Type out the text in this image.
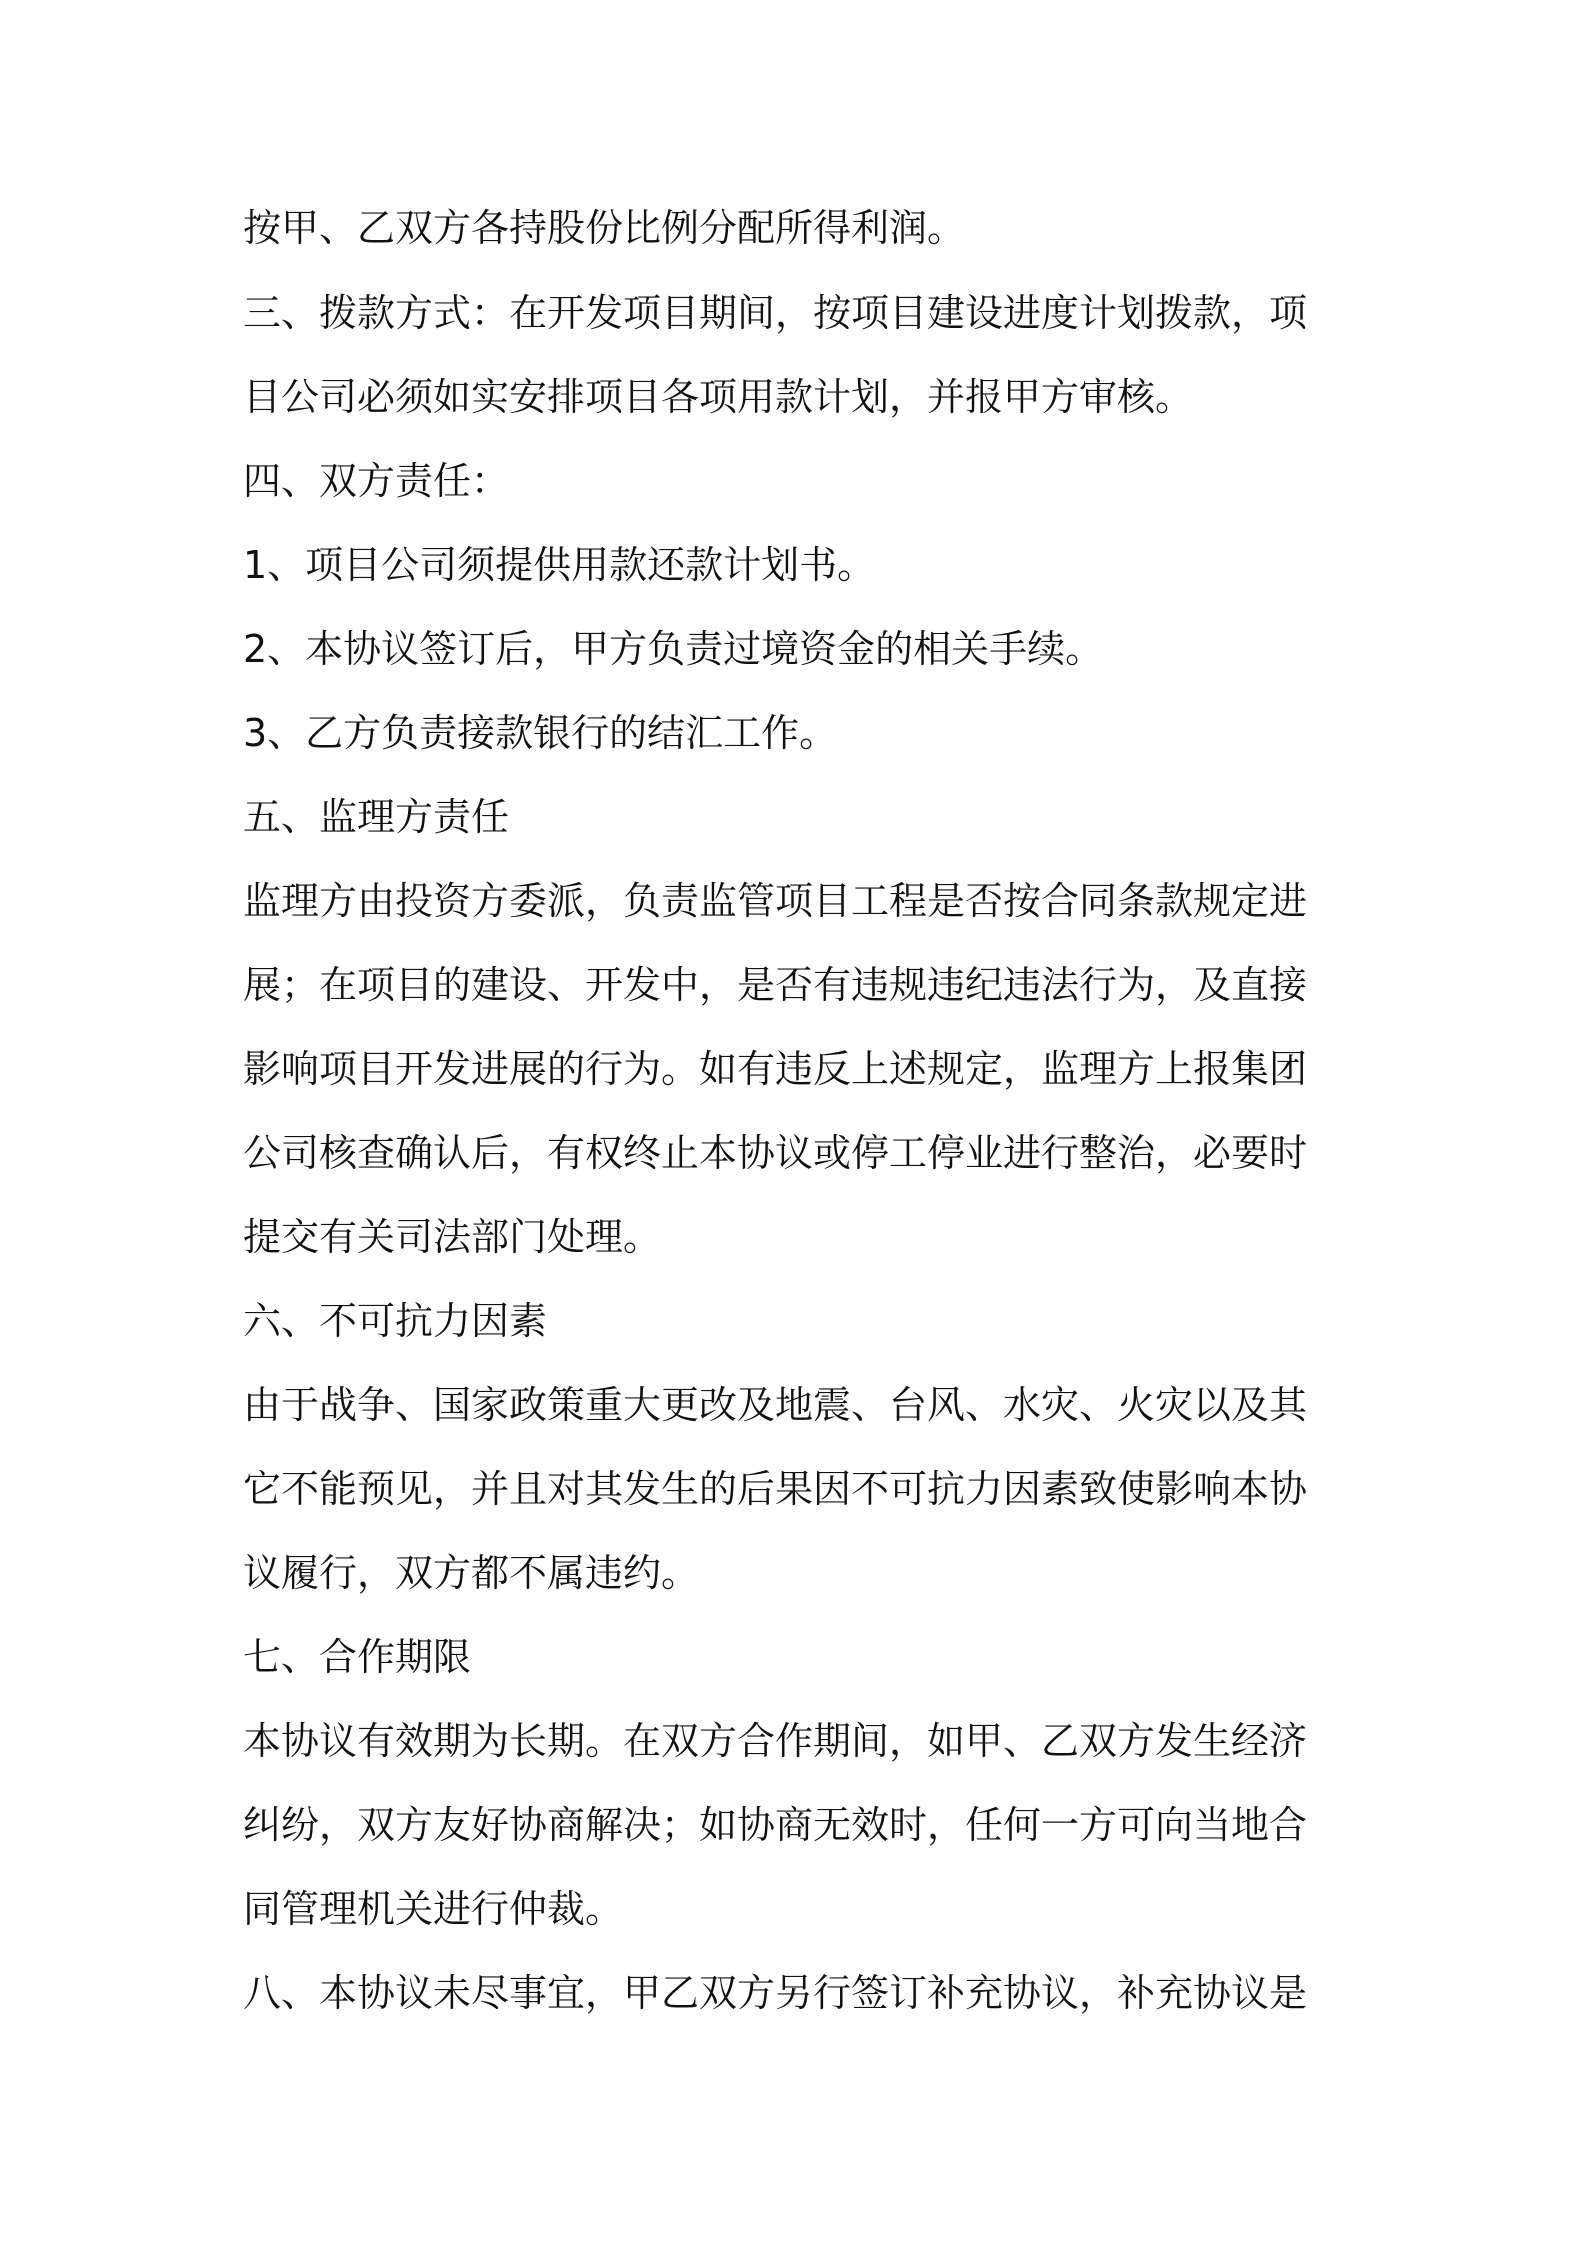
按甲、乙双方各持股份比例分配所得利润。
三、拨款方式：在开发项目期间，按项目建设进度计划拨款，项
目公司必须如实安排项目各项用款计划，并报甲方审核。
四、双方责任：
1、项目公司须提供用款还款计划书。
2、本协议签订后，甲方负责过境资金的相关手续。
3、乙方负责接款银行的结汇工作。
五、监理方责任
监理方由投资方委派，负责监管项目工程是否按合同条款规定进
展；在项目的建设、开发中，是否有违规违纪违法行为，及直接
影响项目开发进展的行为。如有违反上述规定，监理方上报集团
公司核查确认后，有权终止本协议或停工停业进行整治，必要时
提交有关司法部门处理。
六、不可抗力因素
由于战争、国家政策重大更改及地震、台风、水灾、火灾以及其
它不能预见，并且对其发生的后果因不可抗力因素致使影响本协
议履行，双方都不属违约。
七、合作期限
本协议有效期为长期。在双方合作期间，如甲、乙双方发生经济
纠纷，双方友好协商解决；如协商无效时，任何一方可向当地合
同管理机关进行仲裁。
八、本协议未尽事宜，甲乙双方另行签订补充协议，补充协议是
